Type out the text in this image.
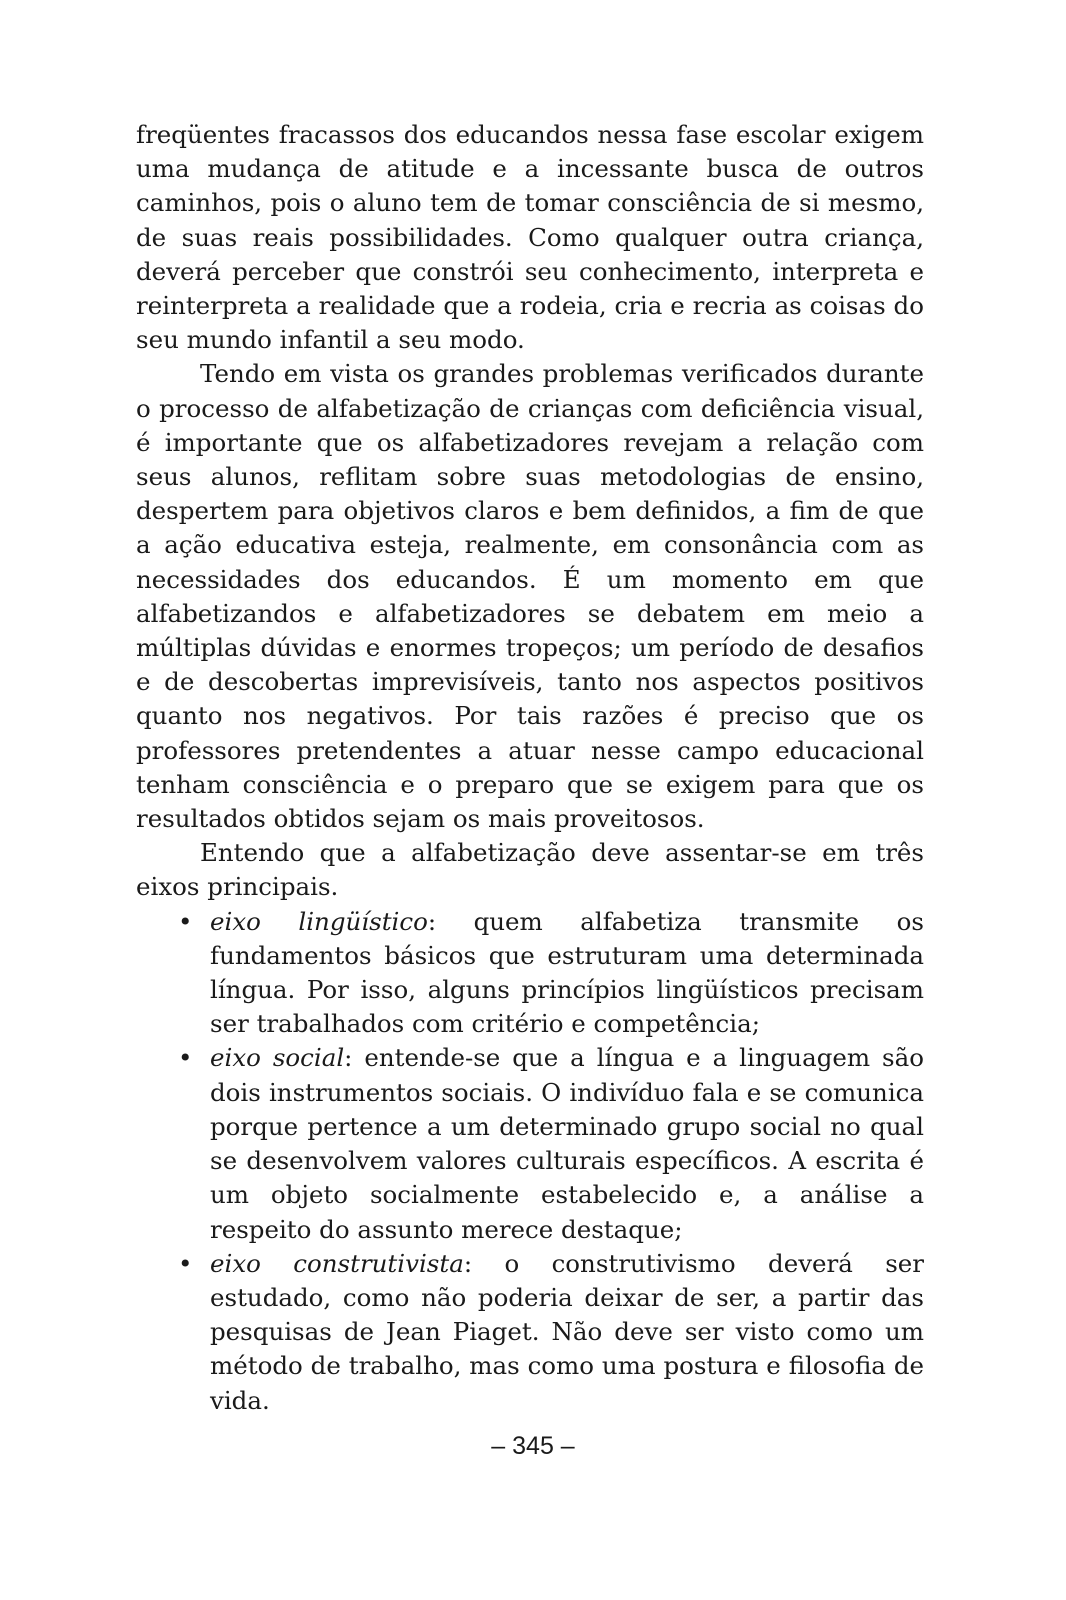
freqüentes fracassos dos educandos nessa fase escolar exigem uma mudança de atitude e a incessante busca de outros caminhos, pois o aluno tem de tomar consciência de si mesmo, de suas reais possibilidades. Como qualquer outra criança, deverá perceber que constrói seu conhecimento, interpreta e reinterpreta a realidade que a rodeia, cria e recria as coisas do seu mundo infantil a seu modo.

Tendo em vista os grandes problemas verificados durante o processo de alfabetização de crianças com deficiência visual, é importante que os alfabetizadores revejam a relação com seus alunos, reflitam sobre suas metodologias de ensino, despertem para objetivos claros e bem definidos, a fim de que a ação educativa esteja, realmente, em consonância com as necessidades dos educandos. É um momento em que alfabetizandos e alfabetizadores se debatem em meio a múltiplas dúvidas e enormes tropeços; um período de desafios e de descobertas imprevisíveis, tanto nos aspectos positivos quanto nos negativos. Por tais razões é preciso que os professores pretendentes a atuar nesse campo educacional tenham consciência e o preparo que se exigem para que os resultados obtidos sejam os mais proveitosos.

Entendo que a alfabetização deve assentar-se em três eixos principais.

• eixo lingüístico: quem alfabetiza transmite os fundamentos básicos que estruturam uma determinada língua. Por isso, alguns princípios lingüísticos precisam ser trabalhados com critério e competência;
• eixo social: entende-se que a língua e a linguagem são dois instrumentos sociais. O indivíduo fala e se comunica porque pertence a um determinado grupo social no qual se desenvolvem valores culturais específicos. A escrita é um objeto socialmente estabelecido e, a análise a respeito do assunto merece destaque;
• eixo construtivista: o construtivismo deverá ser estudado, como não poderia deixar de ser, a partir das pesquisas de Jean Piaget. Não deve ser visto como um método de trabalho, mas como uma postura e filosofia de vida.
– 345 –
